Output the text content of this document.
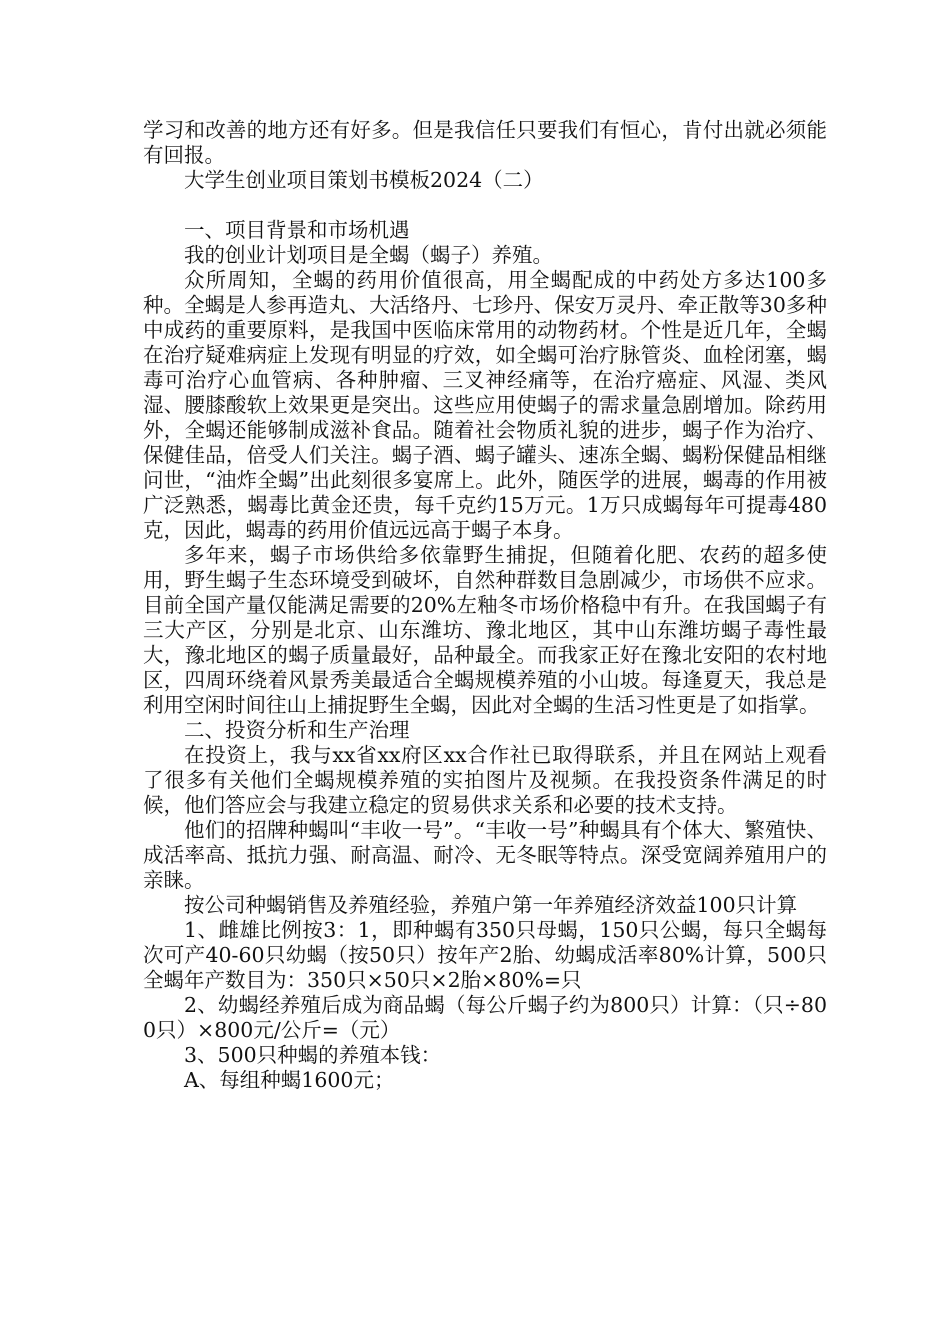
学习和改善的地方还有好多。但是我信任只要我们有恒心，肯付出就必须能有回报。

大学生创业项目策划书模板2024（二）

一、项目背景和市场机遇

我的创业计划项目是全蝎（蝎子）养殖。

众所周知，全蝎的药用价值很高，用全蝎配成的中药处方多达100多种。全蝎是人参再造丸、大活络丹、七珍丹、保安万灵丹、牵正散等30多种中成药的重要原料，是我国中医临床常用的动物药材。个性是近几年，全蝎在治疗疑难病症上发现有明显的疗效，如全蝎可治疗脉管炎、血栓闭塞，蝎毒可治疗心血管病、各种肿瘤、三叉神经痛等，在治疗癌症、风湿、类风湿、腰膝酸软上效果更是突出。这些应用使蝎子的需求量急剧增加。除药用外，全蝎还能够制成滋补食品。随着社会物质礼貌的进步，蝎子作为治疗、保健佳品，倍受人们关注。蝎子酒、蝎子罐头、速冻全蝎、蝎粉保健品相继问世，“油炸全蝎”出此刻很多宴席上。此外，随医学的进展，蝎毒的作用被广泛熟悉，蝎毒比黄金还贵，每千克约15万元。1万只成蝎每年可提毒480克，因此，蝎毒的药用价值远远高于蝎子本身。

多年来，蝎子市场供给多依靠野生捕捉，但随着化肥、农药的超多使用，野生蝎子生态环境受到破坏，自然种群数目急剧减少，市场供不应求。目前全国产量仅能满足需要的20%左釉冬市场价格稳中有升。在我国蝎子有三大产区，分别是北京、山东潍坊、豫北地区，其中山东潍坊蝎子毒性最大，豫北地区的蝎子质量最好，品种最全。而我家正好在豫北安阳的农村地区，四周环绕着风景秀美最适合全蝎规模养殖的小山坡。每逢夏天，我总是利用空闲时间往山上捕捉野生全蝎，因此对全蝎的生活习性更是了如指掌。

二、投资分析和生产治理

在投资上，我与xx省xx府区xx合作社已取得联系，并且在网站上观看了很多有关他们全蝎规模养殖的实拍图片及视频。在我投资条件满足的时候，他们答应会与我建立稳定的贸易供求关系和必要的技术支持。

他们的招牌种蝎叫“丰收一号”。“丰收一号”种蝎具有个体大、繁殖快、成活率高、抵抗力强、耐高温、耐冷、无冬眠等特点。深受宽阔养殖用户的亲睐。

按公司种蝎销售及养殖经验，养殖户第一年养殖经济效益100只计算

1、雌雄比例按3：1，即种蝎有350只母蝎，150只公蝎，每只全蝎每次可产40-60只幼蝎（按50只）按年产2胎、幼蝎成活率80%计算，500只全蝎年产数目为：350只×50只×2胎×80%=只

2、幼蝎经养殖后成为商品蝎（每公斤蝎子约为800只）计算：（只÷800只）×800元/公斤=（元）

3、500只种蝎的养殖本钱：

A、每组种蝎1600元；
